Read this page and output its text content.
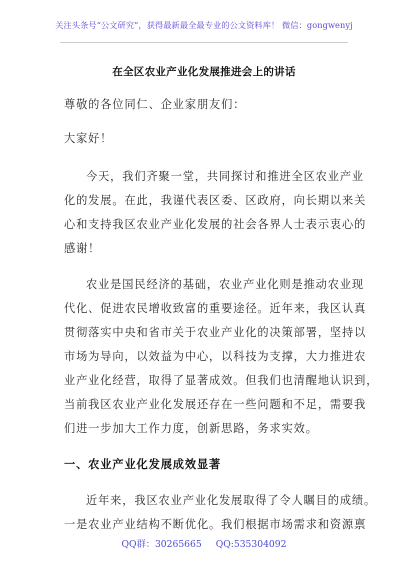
关注头条号“公文研究”，获得最新最全最专业的公文资料库！ 微信：gongwenyj
在全区农业产业化发展推进会上的讲话
尊敬的各位同仁、企业家朋友们：
大家好！
今天，我们齐聚一堂，共同探讨和推进全区农业产业
化的发展。在此，我谨代表区委、区政府，向长期以来关
心和支持我区农业产业化发展的社会各界人士表示衷心的
感谢！
农业是国民经济的基础，农业产业化则是推动农业现
代化、促进农民增收致富的重要途径。近年来，我区认真
贯彻落实中央和省市关于农业产业化的决策部署，坚持以
市场为导向，以效益为中心，以科技为支撑，大力推进农
业产业化经营，取得了显著成效。但我们也清醒地认识到，
当前我区农业产业化发展还存在一些问题和不足，需要我
们进一步加大工作力度，创新思路，务求实效。
一、农业产业化发展成效显著
近年来，我区农业产业化发展取得了令人瞩目的成绩。
一是农业产业结构不断优化。我们根据市场需求和资源禀
QQ群：30265665 QQ:535304092
